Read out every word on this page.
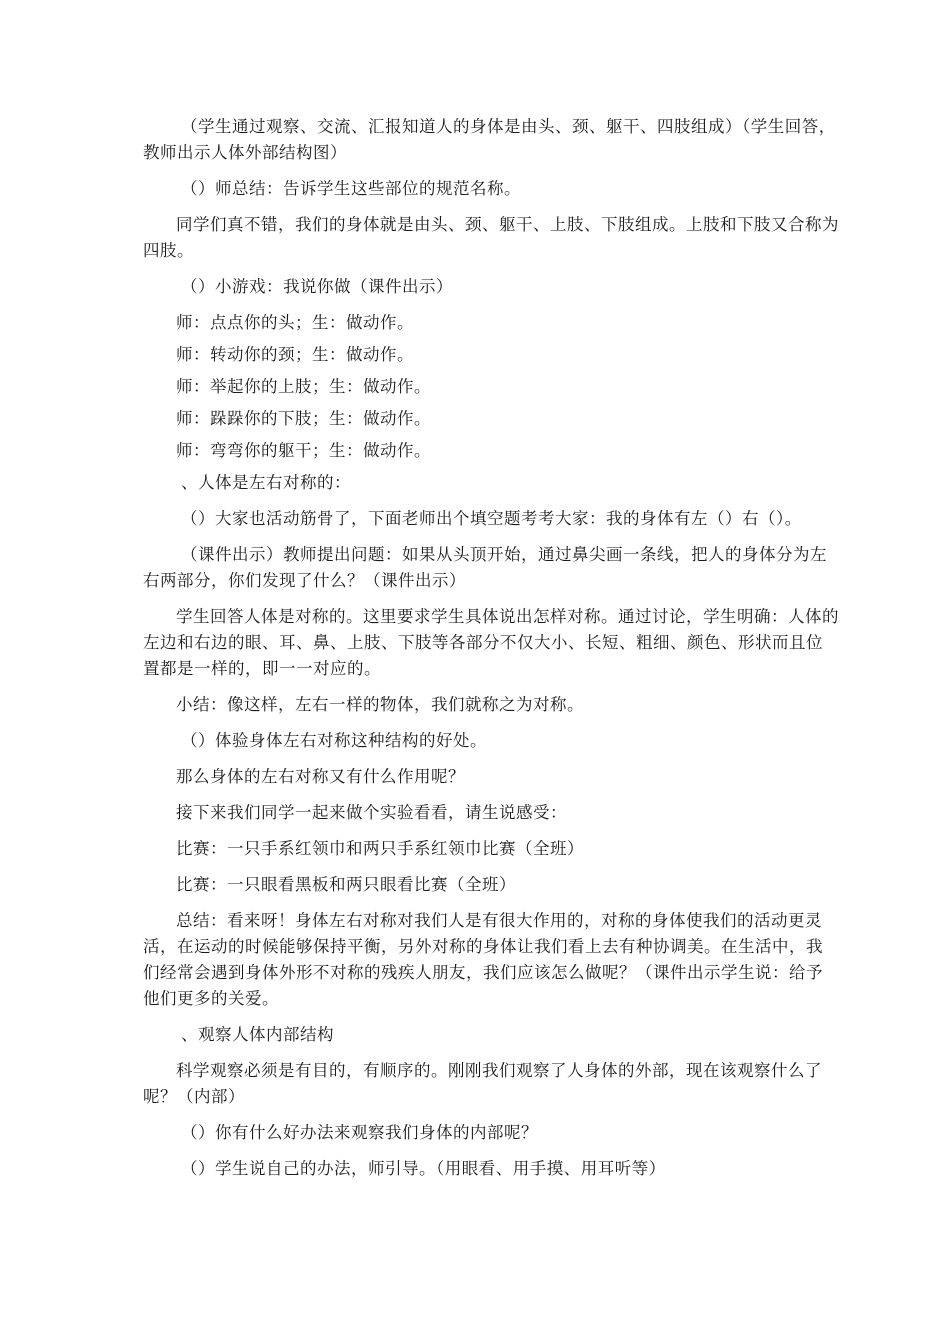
（学生通过观察、交流、汇报知道人的身体是由头、颈、躯干、四肢组成）（学生回答，教师出示人体外部结构图）

（）师总结：告诉学生这些部位的规范名称。

同学们真不错，我们的身体就是由头、颈、躯干、上肢、下肢组成。上肢和下肢又合称为四肢。

（）小游戏：我说你做（课件出示）

师：点点你的头；生：做动作。

师：转动你的颈；生：做动作。

师：举起你的上肢；生：做动作。

师：跺跺你的下肢；生：做动作。

师：弯弯你的躯干；生：做动作。

、人体是左右对称的：

（）大家也活动筋骨了，下面老师出个填空题考考大家：我的身体有左（）右（）。

（课件出示）教师提出问题：如果从头顶开始，通过鼻尖画一条线，把人的身体分为左右两部分，你们发现了什么？（课件出示）

学生回答人体是对称的。这里要求学生具体说出怎样对称。通过讨论，学生明确：人体的左边和右边的眼、耳、鼻、上肢、下肢等各部分不仅大小、长短、粗细、颜色、形状而且位置都是一样的，即一一对应的。

小结：像这样，左右一样的物体，我们就称之为对称。

（）体验身体左右对称这种结构的好处。

那么身体的左右对称又有什么作用呢？

接下来我们同学一起来做个实验看看，请生说感受：

比赛：一只手系红领巾和两只手系红领巾比赛（全班）

比赛：一只眼看黑板和两只眼看比赛（全班）

总结：看来呀！身体左右对称对我们人是有很大作用的，对称的身体使我们的活动更灵活，在运动的时候能够保持平衡，另外对称的身体让我们看上去有种协调美。在生活中，我们经常会遇到身体外形不对称的残疾人朋友，我们应该怎么做呢？（课件出示学生说：给予他们更多的关爱。

、观察人体内部结构

科学观察必须是有目的，有顺序的。刚刚我们观察了人身体的外部，现在该观察什么了呢？（内部）

（）你有什么好办法来观察我们身体的内部呢？

（）学生说自己的办法，师引导。（用眼看、用手摸、用耳听等）
